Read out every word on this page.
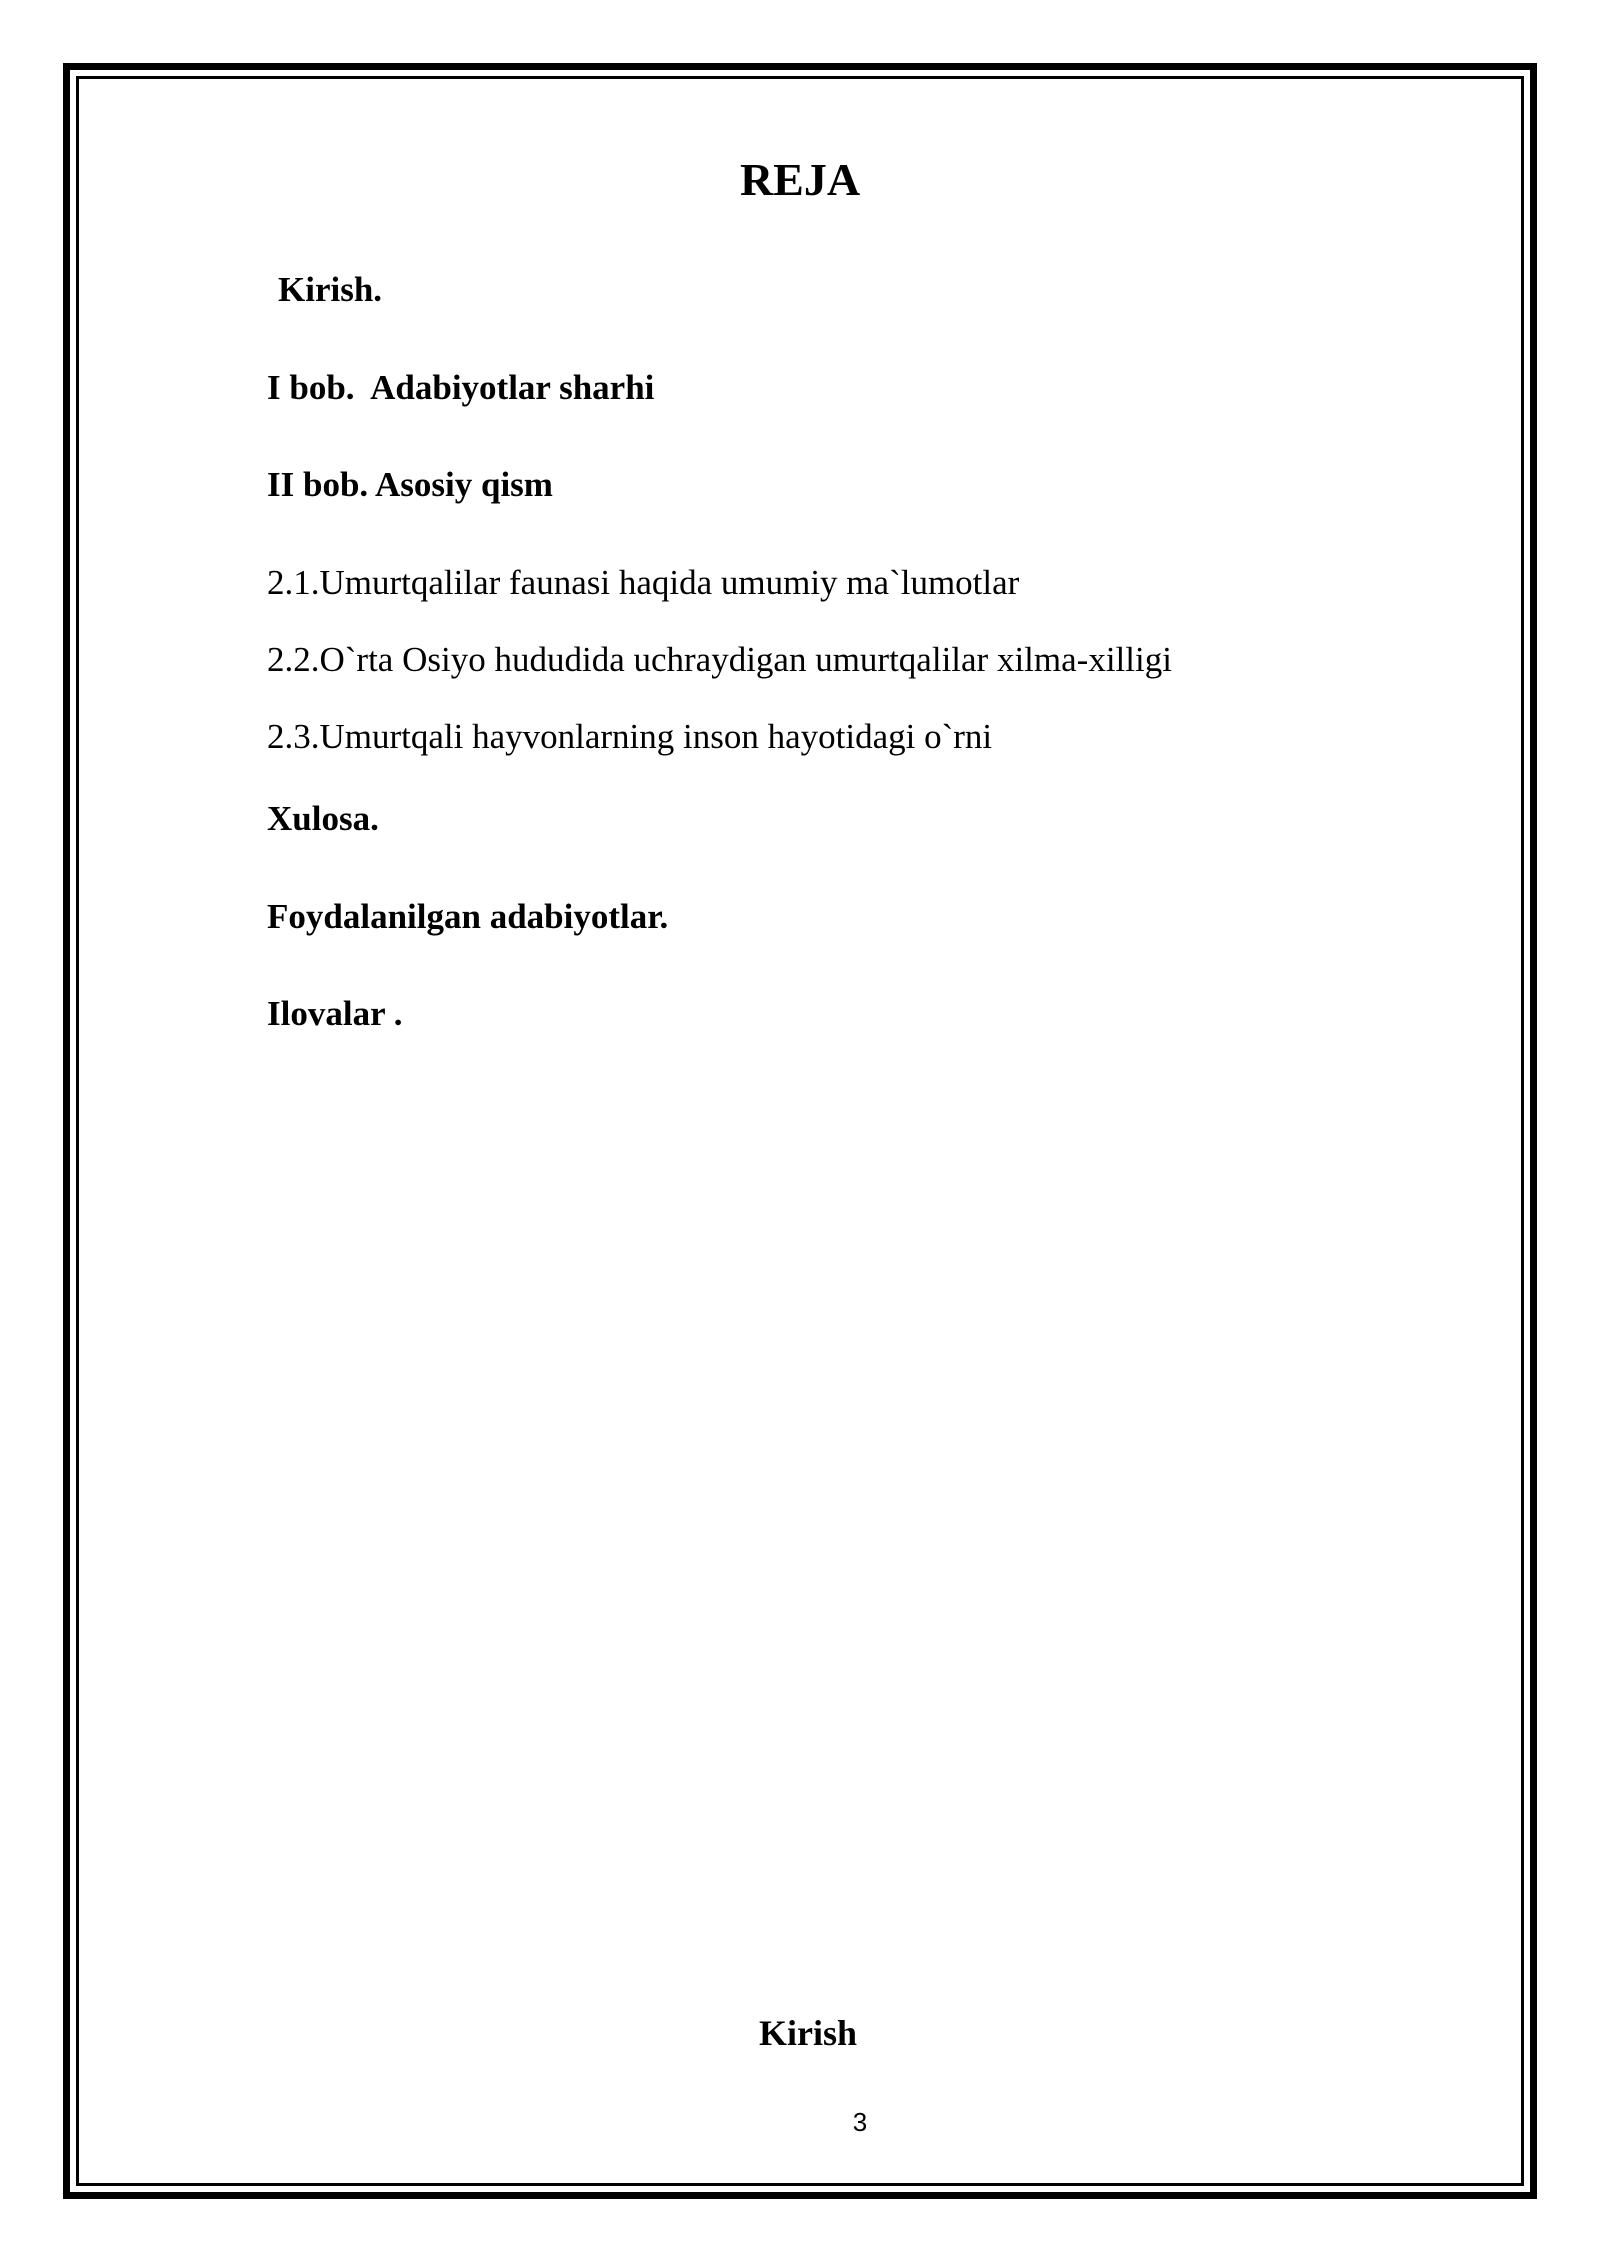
REJA

Kirish.

I bob.  Adabiyotlar sharhi

II bob. Asosiy qism

2.1.Umurtqalilar faunasi haqida umumiy ma`lumotlar

2.2.O`rta Osiyo hududida uchraydigan umurtqalilar xilma-xilligi

2.3.Umurtqali hayvonlarning inson hayotidagi o`rni

Xulosa.

Foydalanilgan adabiyotlar.

Ilovalar .

Kirish
3
